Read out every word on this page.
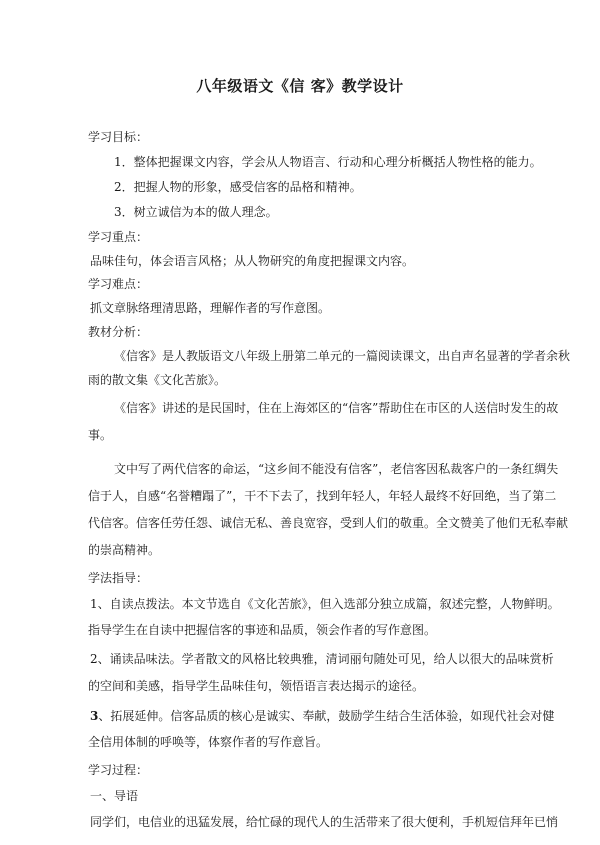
八年级语文《信 客》教学设计
学习目标：
1．整体把握课文内容，学会从人物语言、行动和心理分析概括人物性格的能力。
2．把握人物的形象，感受信客的品格和精神。
3．树立诚信为本的做人理念。
学习重点：
品味佳句，体会语言风格；从人物研究的角度把握课文内容。
学习难点：
抓文章脉络理清思路，理解作者的写作意图。
教材分析：
《信客》是人教版语文八年级上册第二单元的一篇阅读课文，出自声名显著的学者余秋
雨的散文集《文化苦旅》。
《信客》讲述的是民国时，住在上海郊区的“信客”帮助住在市区的人送信时发生的故
事。
文中写了两代信客的命运，“这乡间不能没有信客”，老信客因私裁客户的一条红绸失
信于人，自感“名誉糟蹋了”，干不下去了，找到年轻人，年轻人最终不好回绝，当了第二
代信客。信客任劳任怨、诚信无私、善良宽容，受到人们的敬重。全文赞美了他们无私奉献
的崇高精神。
学法指导：
1、自读点拨法。本文节选自《文化苦旅》，但入选部分独立成篇，叙述完整，人物鲜明。
指导学生在自读中把握信客的事迹和品质，领会作者的写作意图。
2、诵读品味法。学者散文的风格比较典雅，清词丽句随处可见，给人以很大的品味赏析
的空间和美感，指导学生品味佳句，领悟语言表达揭示的途径。
3、拓展延伸。信客品质的核心是诚实、奉献，鼓励学生结合生活体验，如现代社会对健
全信用体制的呼唤等，体察作者的写作意旨。
学习过程：
一、导语
同学们，电信业的迅猛发展，给忙碌的现代人的生活带来了很大便利，手机短信拜年已悄
